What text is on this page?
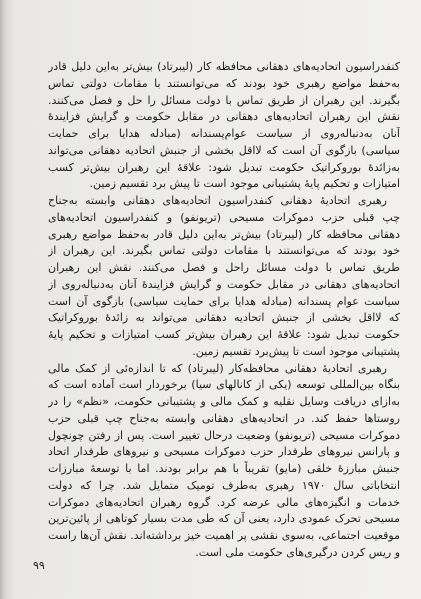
کنفدراسیون اتحادیه‌های دهقانی محافظه کار (لیبرتاد) بیش‌تر به‌این دلیل قادر
به‌حفظ مواضع رهبری خود بودند که می‌توانستند با مقامات دولتی تماس
بگیرند. این رهبران از طریق تماس با دولت مسائل را حل و فصل می‌کنند.
نقش این رهبران اتحادیه‌های دهقانی در مقابل حکومت و گرایش فزایندهٔ
آنان به‌دنباله‌روی از سیاست عوام‌پسندانه (مبادله هدایا برای حمایت
سیاسی) بازگوی آن است که لااقل بخشی از جنبش اتحادیه دهقانی می‌تواند
به‌زائدهٔ بوروکراتیک حکومت تبدیل شود: علاقهٔ این رهبران بیش‌تر کسب
امتیازات و تحکیم پایهٔ پشتیبانی موجود است تا پیش برد تقسیم زمین.
رهبری اتحادیهٔ دهقانی کنفدراسیون اتحادیه‌های دهقانی وابسته به‌جناح
چپ قبلی حزب دموکرات مسیحی (تریونفو) و کنفدراسیون اتحادیه‌های
دهقانی محافظه کار (لیبرتاد) بیش‌تر به‌این دلیل قادر به‌حفظ مواضع رهبری
خود بودند که می‌توانستند با مقامات دولتی تماس بگیرند. این رهبران از
طریق تماس با دولت مسائل راحل و فصل می‌کنند. نقش این رهبران
اتحادیه‌های دهقانی در مقابل حکومت و گرایش فزایندهٔ آنان به‌دنباله‌روی از
سیاست عوام پسندانه (مبادله هدایا برای حمایت سیاسی) بازگوی آن است
که لااقل بخشی از جنبش اتحادیه دهقانی می‌تواند به زائدهٔ بوروکراتیک
حکومت تبدیل شود: علاقهٔ این رهبران بیش‌تر کسب امتیازات و تحکیم پایهٔ
پشتیبانی موجود است تا پیش‌برد تقسیم زمین.
رهبری اتحادیهٔ دهقانی محافظه‌کار (لیبرتاد) که تا اندازه‌ئی از کمک مالی
بنگاه بین‌المللی توسعه (یکی از کانالهای سیا) برخوردار است آماده است که
به‌ازای دریافت وسایل نقلیه و کمک مالی و پشتیبانی حکومت، «نظم» را در
روستاها حفظ کند. در اتحادیه‌های دهقانی وابسته به‌جناح چپ قبلی حزب
دموکرات مسیحی (تریونفو) وضعیت درحال تغییر است. پس از رفتن چونچول
و پارانس نیروهای طرفدار حزب دموکرات مسیحی و نیروهای طرفدار اتحاد
جنبش مبارزهٔ خلقی (مایو) تقریباً با هم برابر بودند. اما با توسعهٔ مبارزات
انتخاباتی سال ۱۹۷۰ رهبری به‌طرف تومیک متمایل شد. چرا که دولت
خدمات و انگیزه‌های مالی عرضه کرد. گروه رهبران اتحادیه‌های دموکرات
مسیحی تحرک عمودی دارد، یعنی آن که طی مدت بسیار کوتاهی از پائین‌ترین
موقعیت اجتماعی، به‌سوی نقشی پر اهمیت خیز برداشته‌اند. نقش آن‌ها راست
و ریس کردن درگیری‌های حکومت ملی است.
۹۹
